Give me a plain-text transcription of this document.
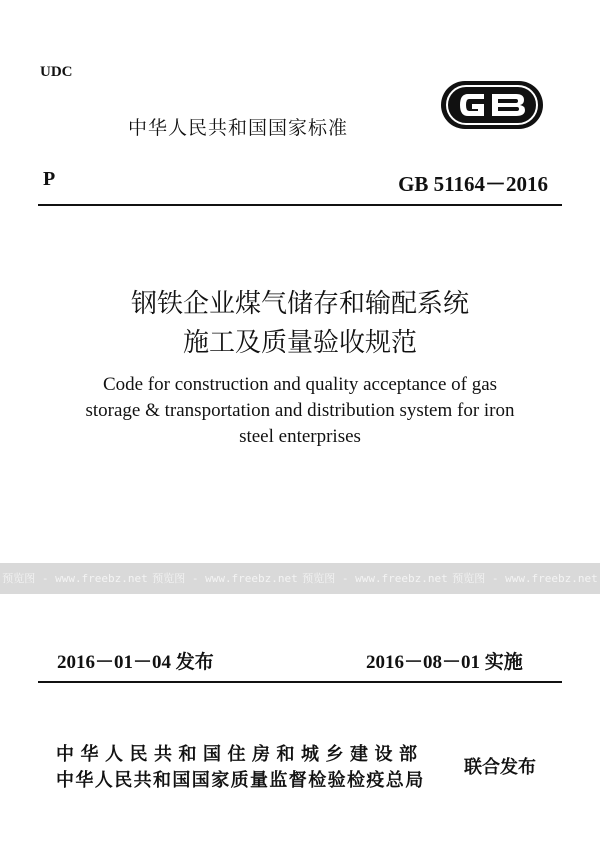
UDC
中华人民共和国国家标准
P	GB 51164－2016
钢铁企业煤气储存和输配系统
施工及质量验收规范
Code for construction and quality acceptance of gas
storage & transportation and distribution system for iron
steel enterprises
预览图 - www.freebz.net 预览图 - www.freebz.net 预览图 - www.freebz.net 预览图 - www.freebz.net
2016－01－04 发布	2016－08－01 实施
中华人民共和国住房和城乡建设部
中华人民共和国国家质量监督检验检疫总局
联合发布
